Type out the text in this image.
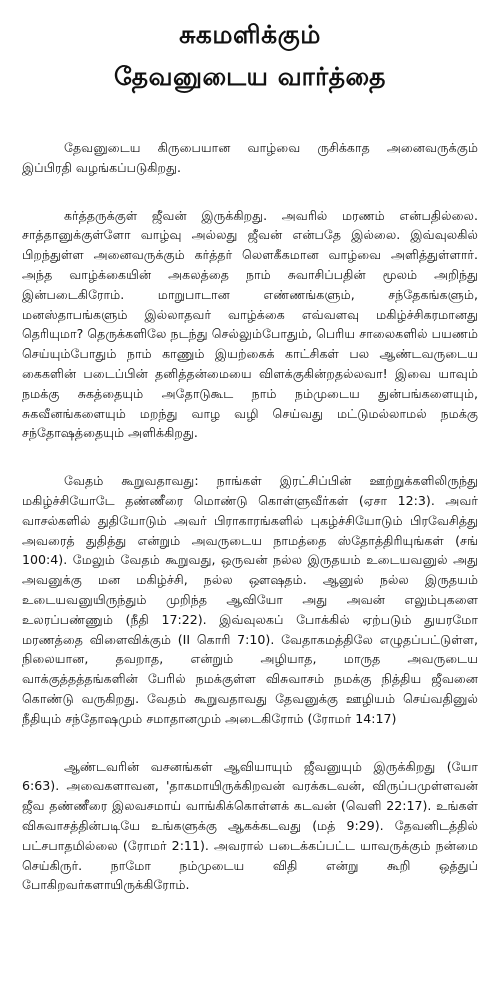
சுகமளிக்கும்
தேவனுடைய வார்த்தை

தேவனுடைய கிருபையான வாழ்வை ருசிக்காத அனைவருக்கும் இப்பிரதி வழங்கப்படுகிறது.

கர்த்தருக்குள் ஜீவன் இருக்கிறது. அவரில் மரணம் என்பதில்லை. சாத்தானுக்குள்ளோ வாழ்வு அல்லது ஜீவன் என்பதே இல்லை. இவ்வுலகில் பிறந்துள்ள அனைவருக்கும் கர்த்தர் லௌகீகமான வாழ்வை அளித்துள்ளார். அந்த வாழ்க்கையின் அகலத்தை நாம் சுவாசிப்பதின் மூலம் அறிந்து இன்படைகிரோம். மாறுபாடான எண்ணங்களும், சந்தேகங்களும், மனஸ்தாபங்களும் இல்லாதவர் வாழ்க்கை எவ்வளவு மகிழ்ச்சிகரமானது தெரியுமா? தெருக்களிலே நடந்து செல்லும்போதும், பெரிய சாலைகளில் பயணம் செய்யும்போதும் நாம் காணும் இயற்கைக் காட்சிகள் பல ஆண்டவருடைய கைகளின் படைப்பின் தனித்தன்மையை விளக்குகின்றதல்லவா! இவை யாவும் நமக்கு சுகத்தையும் அதோடுகூட நாம் நம்முடைய துன்பங்களையும், சுகவீனங்களையும் மறந்து வாழ வழி செய்வது மட்டுமல்லாமல் நமக்கு சந்தோஷத்தையும் அளிக்கிறது.

வேதம் கூறுவதாவது: நாங்கள் இரட்சிப்பின் ஊற்றுக்களிலிருந்து மகிழ்ச்சியோடே தண்ணீரை மொண்டு கொள்ளுவீர்கள் (ஏசா 12:3). அவர் வாசல்களில் துதியோடும் அவர் பிராகாரங்களில் புகழ்ச்சியோடும் பிரவேசித்து அவரைத் துதித்து என்றும் அவருடைய நாமத்தை ஸ்தோத்திரியுங்கள் (சங் 100:4). மேலும் வேதம் கூறுவது, ஒருவன் நல்ல இருதயம் உடையவனுல் அது அவனுக்கு மன மகிழ்ச்சி, நல்ல ஔஷதம். ஆனுல் நல்ல இருதயம் உடையவனுயிருந்தும் முறிந்த ஆவியோ அது அவன் எலும்புகளை உலரப்பண்ணும் (நீதி 17:22). இவ்வுலகப் போக்கில் ஏற்படும் துயரமோ மரணத்தை விளைவிக்கும் (II கொரி 7:10). வேதாகமத்திலே எழுதப்பட்டுள்ள, நிலையான, தவறாத, என்றும் அழியாத, மாருத அவருடைய வாக்குத்தத்தங்களின் பேரில் நமக்குள்ள விசுவாசம் நமக்கு நித்திய ஜீவனை கொண்டு வருகிறது. வேதம் கூறுவதாவது தேவனுக்கு ஊழியம் செய்வதினுல் நீதியும் சந்தோஷமும் சமாதானமும் அடைகிரோம் (ரோமர் 14:17)

ஆண்டவரின் வசனங்கள் ஆவியாயும் ஜீவனுயும் இருக்கிறது (யோ 6:63). அவைகளாவன, 'தாகமாயிருக்கிறவன் வரக்கடவன், விருப்பமுள்ளவன் ஜீவ தண்ணீரை இலவசமாய் வாங்கிக்கொள்ளக் கடவன் (வெளி 22:17). உங்கள் விசுவாசத்தின்படியே உங்களுக்கு ஆகக்கடவது (மத் 9:29). தேவனிடத்தில் பட்சபாதமில்லை (ரோமர் 2:11). அவரால் படைக்கப்பட்ட யாவருக்கும் நன்மை செய்கிருர். நாமோ நம்முடைய விதி என்று கூறி ஒத்துப் போகிறவர்களாயிருக்கிரோம்.
